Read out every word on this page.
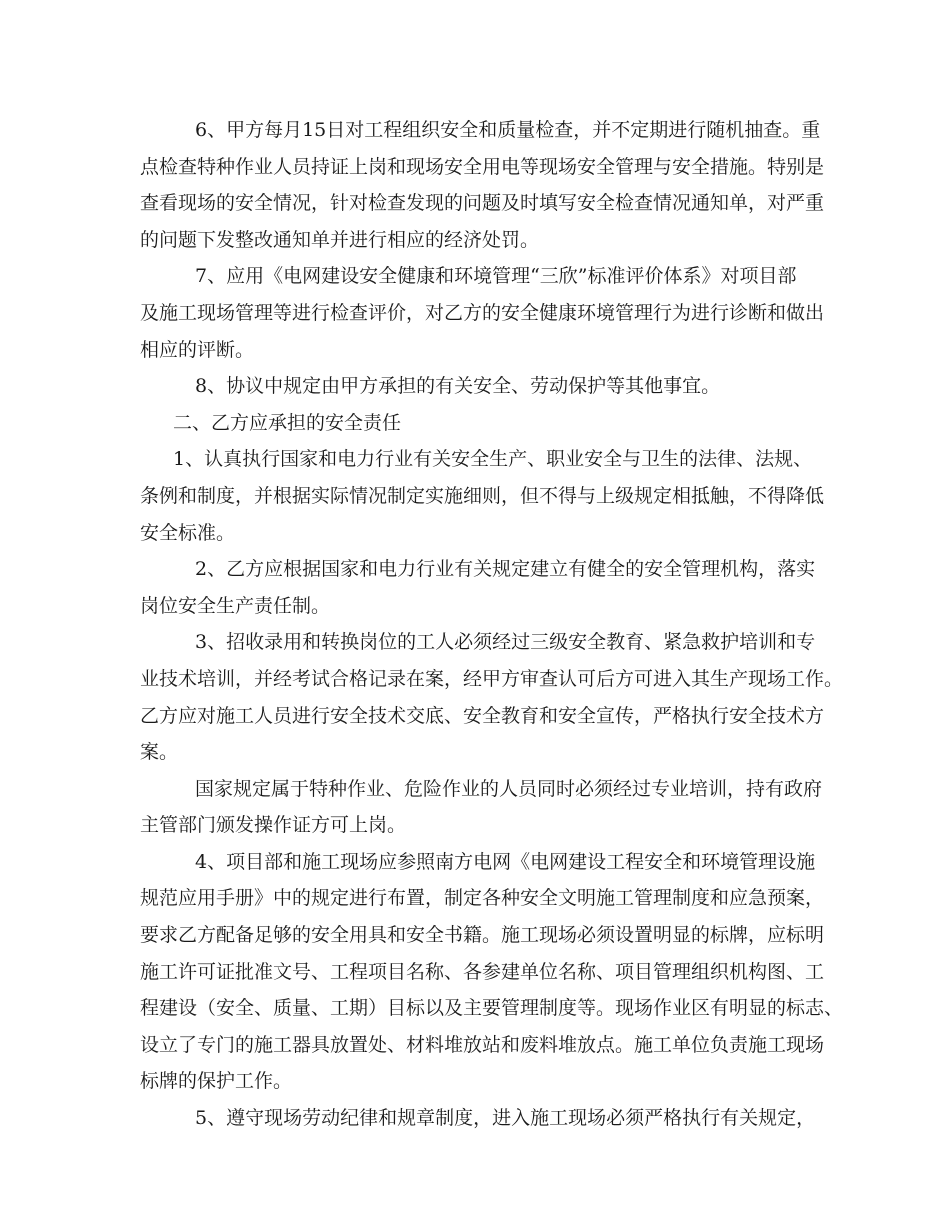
6、甲方每月15日对工程组织安全和质量检查，并不定期进行随机抽查。重
点检查特种作业人员持证上岗和现场安全用电等现场安全管理与安全措施。特别是
查看现场的安全情况，针对检查发现的问题及时填写安全检查情况通知单，对严重
的问题下发整改通知单并进行相应的经济处罚。
7、应用《电网建设安全健康和环境管理“三欣”标准评价体系》对项目部
及施工现场管理等进行检查评价，对乙方的安全健康环境管理行为进行诊断和做出
相应的评断。
8、协议中规定由甲方承担的有关安全、劳动保护等其他事宜。
二、乙方应承担的安全责任
1、认真执行国家和电力行业有关安全生产、职业安全与卫生的法律、法规、
条例和制度，并根据实际情况制定实施细则，但不得与上级规定相抵触，不得降低
安全标准。
2、乙方应根据国家和电力行业有关规定建立有健全的安全管理机构，落实
岗位安全生产责任制。
3、招收录用和转换岗位的工人必须经过三级安全教育、紧急救护培训和专
业技术培训，并经考试合格记录在案，经甲方审查认可后方可进入其生产现场工作。
乙方应对施工人员进行安全技术交底、安全教育和安全宣传，严格执行安全技术方
案。
国家规定属于特种作业、危险作业的人员同时必须经过专业培训，持有政府
主管部门颁发操作证方可上岗。
4、项目部和施工现场应参照南方电网《电网建设工程安全和环境管理设施
规范应用手册》中的规定进行布置，制定各种安全文明施工管理制度和应急预案，
要求乙方配备足够的安全用具和安全书籍。施工现场必须设置明显的标牌，应标明
施工许可证批准文号、工程项目名称、各参建单位名称、项目管理组织机构图、工
程建设（安全、质量、工期）目标以及主要管理制度等。现场作业区有明显的标志、
设立了专门的施工器具放置处、材料堆放站和废料堆放点。施工单位负责施工现场
标牌的保护工作。
5、遵守现场劳动纪律和规章制度，进入施工现场必须严格执行有关规定，
